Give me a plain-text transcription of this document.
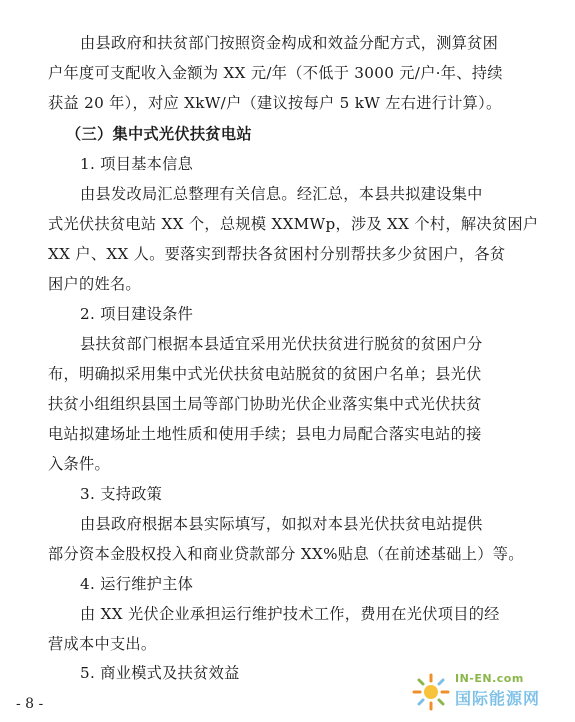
由县政府和扶贫部门按照资金构成和效益分配方式，测算贫困
户年度可支配收入金额为 XX 元/年（不低于 3000 元/户·年、持续
获益 20 年），对应 XkW/户（建议按每户 5 kW 左右进行计算）。
（三）集中式光伏扶贫电站
1. 项目基本信息
由县发改局汇总整理有关信息。经汇总，本县共拟建设集中
式光伏扶贫电站 XX 个，总规模 XXMWp，涉及 XX 个村，解决贫困户
XX 户、XX 人。要落实到帮扶各贫困村分别帮扶多少贫困户，各贫
困户的姓名。
2. 项目建设条件
县扶贫部门根据本县适宜采用光伏扶贫进行脱贫的贫困户分
布，明确拟采用集中式光伏扶贫电站脱贫的贫困户名单；县光伏
扶贫小组组织县国土局等部门协助光伏企业落实集中式光伏扶贫
电站拟建场址土地性质和使用手续；县电力局配合落实电站的接
入条件。
3. 支持政策
由县政府根据本县实际填写，如拟对本县光伏扶贫电站提供
部分资本金股权投入和商业贷款部分 XX%贴息（在前述基础上）等。
4. 运行维护主体
由 XX 光伏企业承担运行维护技术工作，费用在光伏项目的经
营成本中支出。
5. 商业模式及扶贫效益
- 8 -
IN-EN.com
国际能源网
